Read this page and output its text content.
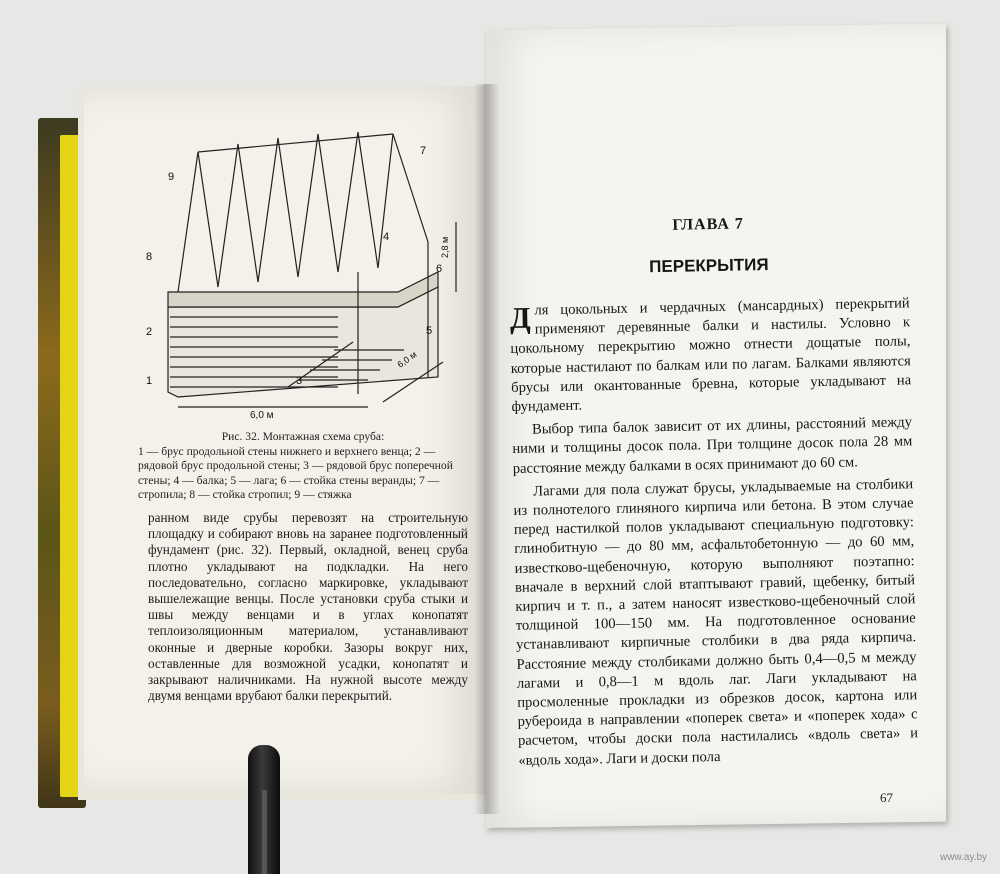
1
2
3
4
5
6
7
8
9
2,8 м
6,0 м
6,0 м
Рис. 32. Монтажная схема сруба:
1 — брус продольной стены нижнего и верхнего венца; 2 — рядовой брус продольной стены; 3 — рядовой брус поперечной стены; 4 — балка; 5 — лага; 6 — стойка стены веранды; 7 — стропила; 8 — стойка стропил; 9 — стяжка
ранном виде срубы перевозят на строительную площадку и собирают вновь на заранее подготовленный фундамент (рис. 32). Первый, окладной, венец сруба плотно укладывают на подкладки. На него последовательно, согласно маркировке, укладывают вышележащие венцы. После установки сруба стыки и швы между венцами и в углах конопатят теплоизоляционным материалом, устанавливают оконные и дверные коробки. Зазоры вокруг них, оставленные для возможной усадки, конопатят и закрывают наличниками. На нужной высоте между двумя венцами врубают балки перекрытий.
ГЛАВА 7
ПЕРЕКРЫТИЯ

Для цокольных и чердачных (мансардных) перекрытий применяют деревянные балки и настилы. Условно к цокольному перекрытию можно отнести дощатые полы, которые настилают по балкам или по лагам. Балками являются брусы или окантованные бревна, которые укладывают на фундамент.

Выбор типа балок зависит от их длины, расстояний между ними и толщины досок пола. При толщине досок пола 28 мм расстояние между балками в осях принимают до 60 см.

Лагами для пола служат брусы, укладываемые на столбики из полнотелого глиняного кирпича или бетона. В этом случае перед настилкой полов укладывают специальную подготовку: глинобитную — до 80 мм, асфальтобетонную — до 60 мм, известково-щебеночную, которую выполняют поэтапно: вначале в верхний слой втаптывают гравий, щебенку, битый кирпич и т. п., а затем наносят известково-щебеночный слой толщиной 100—150 мм. На подготовленное основание устанавливают кирпичные столбики в два ряда кирпича. Расстояние между столбиками должно быть 0,4—0,5 м между лагами и 0,8—1 м вдоль лаг. Лаги укладывают на просмоленные прокладки из обрезков досок, картона или рубероида в направлении «поперек света» и «поперек хода» с расчетом, чтобы доски пола настилались «вдоль света» и «вдоль хода». Лаги и доски пола

67
www.ay.by
